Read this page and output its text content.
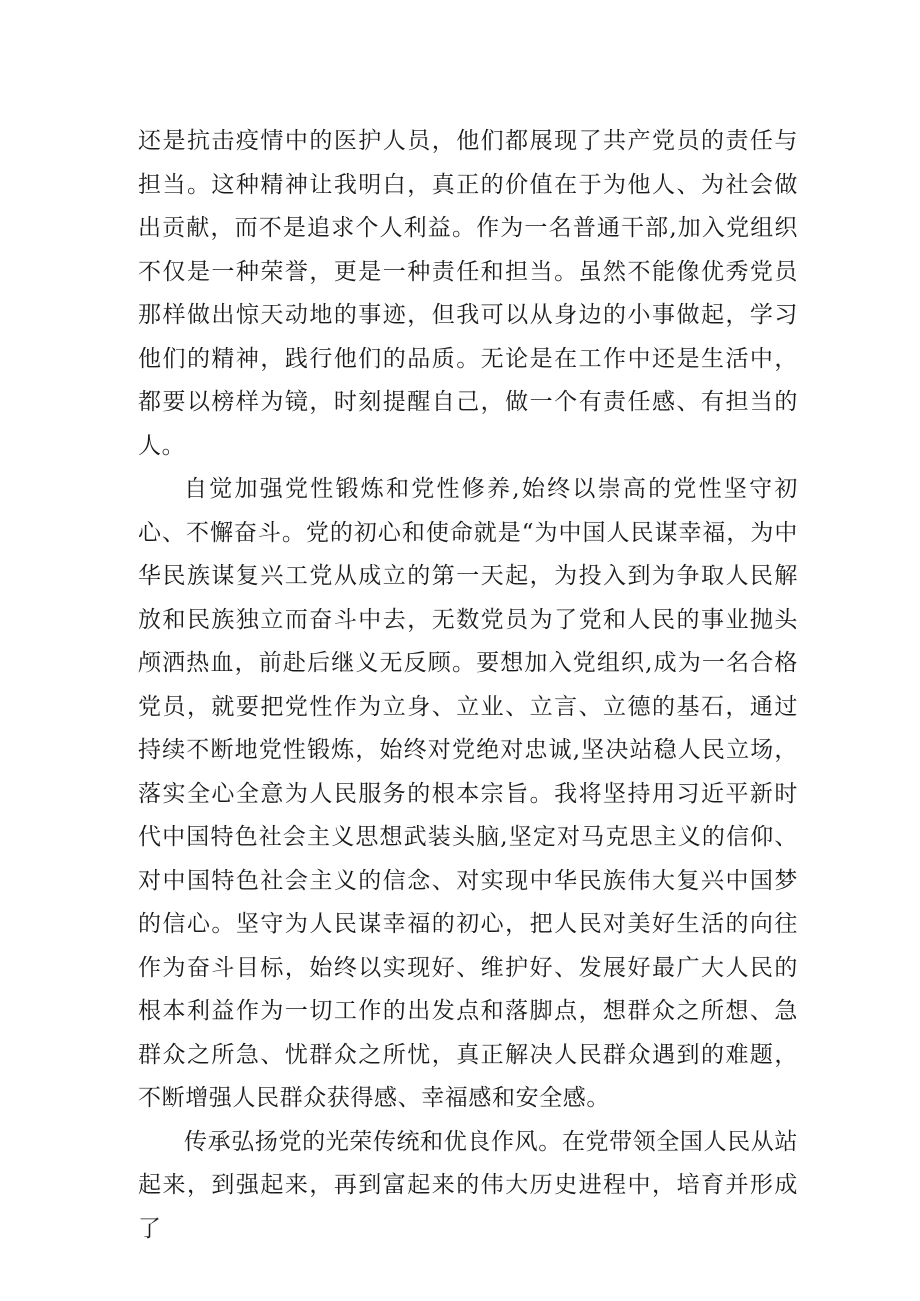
还是抗击疫情中的医护人员，他们都展现了共产党员的责任与担当。这种精神让我明白，真正的价值在于为他人、为社会做出贡献，而不是追求个人利益。作为一名普通干部,加入党组织不仅是一种荣誉，更是一种责任和担当。虽然不能像优秀党员那样做出惊天动地的事迹，但我可以从身边的小事做起，学习他们的精神，践行他们的品质。无论是在工作中还是生活中，都要以榜样为镜，时刻提醒自己，做一个有责任感、有担当的人。

自觉加强党性锻炼和党性修养,始终以崇高的党性坚守初心、不懈奋斗。党的初心和使命就是“为中国人民谋幸福，为中华民族谋复兴工党从成立的第一天起，为投入到为争取人民解放和民族独立而奋斗中去，无数党员为了党和人民的事业抛头颅洒热血，前赴后继义无反顾。要想加入党组织,成为一名合格党员，就要把党性作为立身、立业、立言、立德的基石，通过持续不断地党性锻炼，始终对党绝对忠诚,坚决站稳人民立场，落实全心全意为人民服务的根本宗旨。我将坚持用习近平新时代中国特色社会主义思想武装头脑,坚定对马克思主义的信仰、对中国特色社会主义的信念、对实现中华民族伟大复兴中国梦的信心。坚守为人民谋幸福的初心，把人民对美好生活的向往作为奋斗目标，始终以实现好、维护好、发展好最广大人民的根本利益作为一切工作的出发点和落脚点，想群众之所想、急群众之所急、忧群众之所忧，真正解决人民群众遇到的难题，不断增强人民群众获得感、幸福感和安全感。

传承弘扬党的光荣传统和优良作风。在党带领全国人民从站起来，到强起来，再到富起来的伟大历史进程中，培育并形成了
